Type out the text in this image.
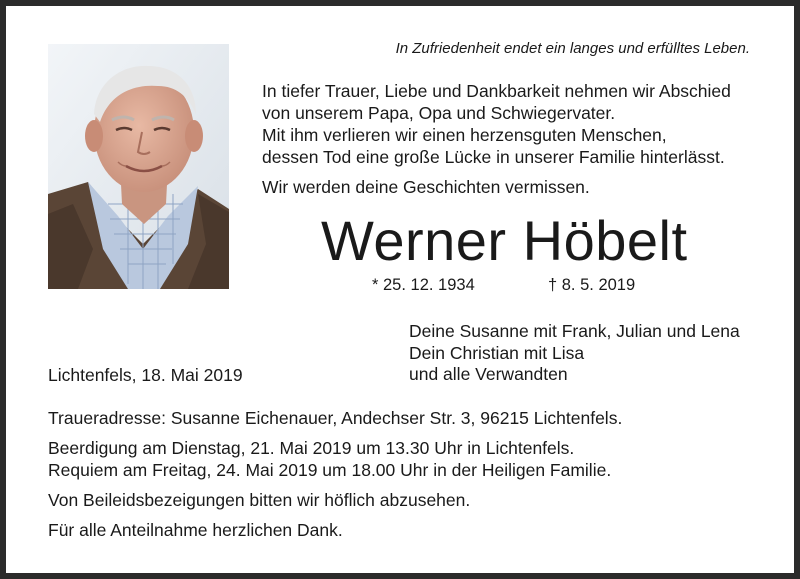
In Zufriedenheit endet ein langes und erfülltes Leben.

In tiefer Trauer, Liebe und Dankbarkeit nehmen wir Abschied

von unserem Papa, Opa und Schwiegervater.

Mit ihm verlieren wir einen herzensguten Menschen,

dessen Tod eine große Lücke in unserer Familie hinterlässt.

Wir werden deine Geschichten vermissen.
Werner Höbelt
* 25. 12. 1934	† 8. 5. 2019
Deine Susanne mit Frank, Julian und Lena
Dein Christian mit Lisa
und alle Verwandten
Lichtenfels, 18. Mai 2019
Traueradresse: Susanne Eichenauer, Andechser Str. 3, 96215 Lichtenfels.
Beerdigung am Dienstag, 21. Mai 2019 um 13.30 Uhr in Lichtenfels.
Requiem am Freitag, 24. Mai 2019 um 18.00 Uhr in der Heiligen Familie.
Von Beileidsbezeigungen bitten wir höflich abzusehen.
Für alle Anteilnahme herzlichen Dank.
